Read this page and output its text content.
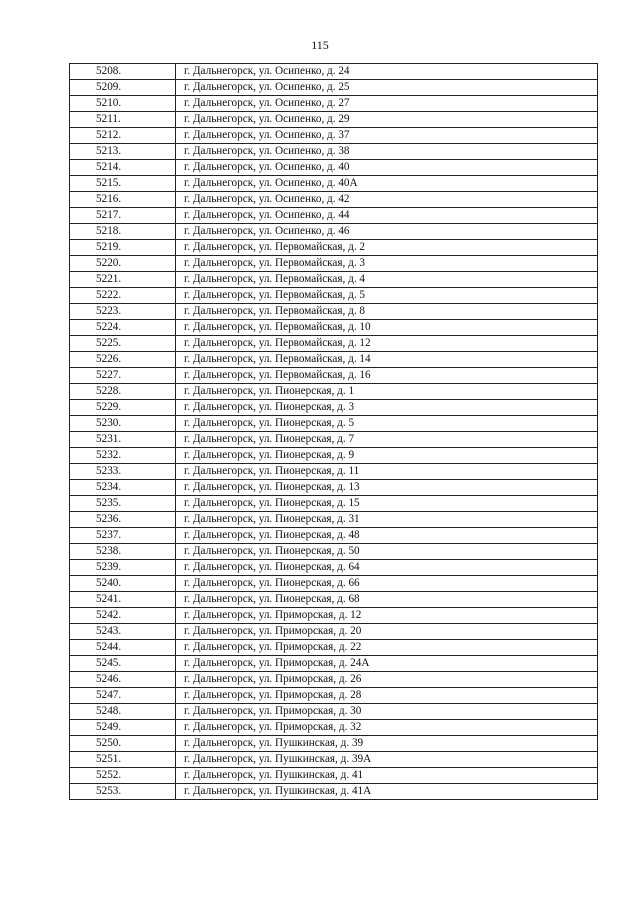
115
5208.	г. Дальнегорск, ул. Осипенко, д. 24
5209.	г. Дальнегорск, ул. Осипенко, д. 25
5210.	г. Дальнегорск, ул. Осипенко, д. 27
5211.	г. Дальнегорск, ул. Осипенко, д. 29
5212.	г. Дальнегорск, ул. Осипенко, д. 37
5213.	г. Дальнегорск, ул. Осипенко, д. 38
5214.	г. Дальнегорск, ул. Осипенко, д. 40
5215.	г. Дальнегорск, ул. Осипенко, д. 40А
5216.	г. Дальнегорск, ул. Осипенко, д. 42
5217.	г. Дальнегорск, ул. Осипенко, д. 44
5218.	г. Дальнегорск, ул. Осипенко, д. 46
5219.	г. Дальнегорск, ул. Первомайская, д. 2
5220.	г. Дальнегорск, ул. Первомайская, д. 3
5221.	г. Дальнегорск, ул. Первомайская, д. 4
5222.	г. Дальнегорск, ул. Первомайская, д. 5
5223.	г. Дальнегорск, ул. Первомайская, д. 8
5224.	г. Дальнегорск, ул. Первомайская, д. 10
5225.	г. Дальнегорск, ул. Первомайская, д. 12
5226.	г. Дальнегорск, ул. Первомайская, д. 14
5227.	г. Дальнегорск, ул. Первомайская, д. 16
5228.	г. Дальнегорск, ул. Пионерская, д. 1
5229.	г. Дальнегорск, ул. Пионерская, д. 3
5230.	г. Дальнегорск, ул. Пионерская, д. 5
5231.	г. Дальнегорск, ул. Пионерская, д. 7
5232.	г. Дальнегорск, ул. Пионерская, д. 9
5233.	г. Дальнегорск, ул. Пионерская, д. 11
5234.	г. Дальнегорск, ул. Пионерская, д. 13
5235.	г. Дальнегорск, ул. Пионерская, д. 15
5236.	г. Дальнегорск, ул. Пионерская, д. 31
5237.	г. Дальнегорск, ул. Пионерская, д. 48
5238.	г. Дальнегорск, ул. Пионерская, д. 50
5239.	г. Дальнегорск, ул. Пионерская, д. 64
5240.	г. Дальнегорск, ул. Пионерская, д. 66
5241.	г. Дальнегорск, ул. Пионерская, д. 68
5242.	г. Дальнегорск, ул. Приморская, д. 12
5243.	г. Дальнегорск, ул. Приморская, д. 20
5244.	г. Дальнегорск, ул. Приморская, д. 22
5245.	г. Дальнегорск, ул. Приморская, д. 24А
5246.	г. Дальнегорск, ул. Приморская, д. 26
5247.	г. Дальнегорск, ул. Приморская, д. 28
5248.	г. Дальнегорск, ул. Приморская, д. 30
5249.	г. Дальнегорск, ул. Приморская, д. 32
5250.	г. Дальнегорск, ул. Пушкинская, д. 39
5251.	г. Дальнегорск, ул. Пушкинская, д. 39А
5252.	г. Дальнегорск, ул. Пушкинская, д. 41
5253.	г. Дальнегорск, ул. Пушкинская, д. 41А
